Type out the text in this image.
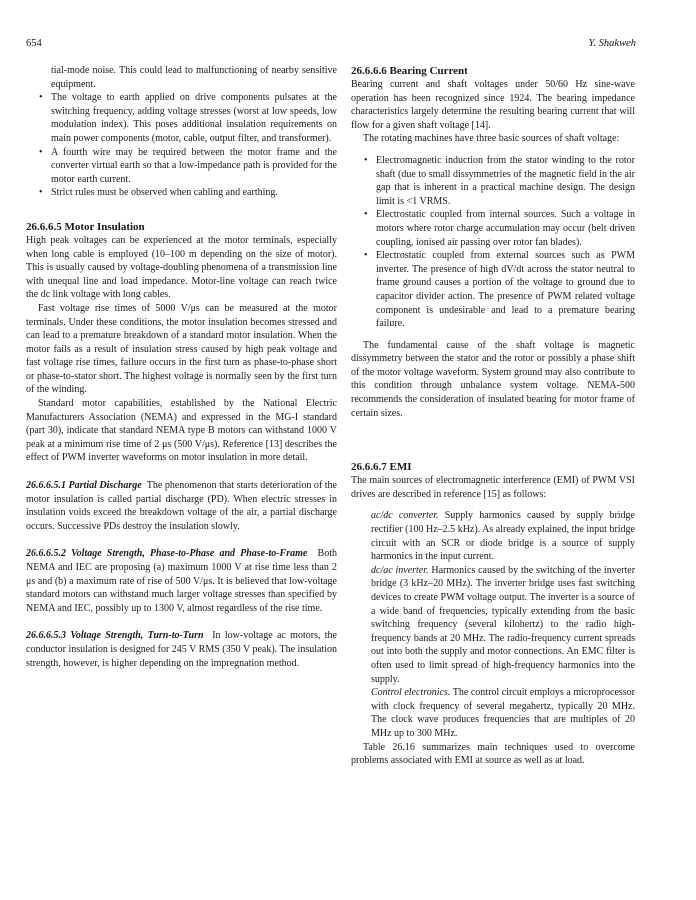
654	Y. Shakweh

tial-mode noise. This could lead to malfunctioning of nearby sensitive equipment.

• The voltage to earth applied on drive components pulsates at the switching frequency, adding voltage stresses (worst at low speeds, low modulation index). This poses additional insulation requirements on main power components (motor, cable, output filter, and transformer).
• A fourth wire may be required between the motor frame and the converter virtual earth so that a low-impedance path is provided for the motor earth current.
• Strict rules must be observed when cabling and earthing.
26.6.6.5 Motor Insulation

High peak voltages can be experienced at the motor terminals, especially when long cable is employed (10–100 m depending on the size of motor). This is usually caused by voltage-doubling phenomena of a transmission line with unequal line and load impedance. Motor-line voltage can reach twice the dc link voltage with long cables.

Fast voltage rise times of 5000 V/μs can be measured at the motor terminals. Under these conditions, the motor insulation becomes stressed and can lead to a premature breakdown of a standard motor insulation. When the motor fails as a result of insulation stress caused by high peak voltage and fast voltage rise times, failure occurs in the first turn as phase-to-phase short or phase-to-stator short. The highest voltage is normally seen by the first turn of the winding.

Standard motor capabilities, established by the National Electric Manufacturers Association (NEMA) and expressed in the MG-I standard (part 30), indicate that standard NEMA type B motors can withstand 1000 V peak at a minimum rise time of 2 μs (500 V/μs). Reference [13] describes the effect of PWM inverter waveforms on motor insulation in more detail.

26.6.6.5.1 Partial Discharge The phenomenon that starts deterioration of the motor insulation is called partial discharge (PD). When electric stresses in insulation voids exceed the breakdown voltage of the air, a partial discharge occurs. Successive PDs destroy the insulation slowly.

26.6.6.5.2 Voltage Strength, Phase-to-Phase and Phase-to-Frame Both NEMA and IEC are proposing (a) maximum 1000 V at rise time less than 2 μs and (b) a maximum rate of rise of 500 V/μs. It is believed that low-voltage standard motors can withstand much larger voltage stresses than specified by NEMA and IEC, possibly up to 1300 V, almost regardless of the rise time.

26.6.6.5.3 Voltage Strength, Turn-to-Turn In low-voltage ac motors, the conductor insulation is designed for 245 V RMS (350 V peak). The insulation strength, however, is higher depending on the impregnation method.

26.6.6.6 Bearing Current

Bearing current and shaft voltages under 50/60 Hz sine-wave operation has been recognized since 1924. The bearing impedance characteristics largely determine the resulting bearing current that will flow for a given shaft voltage [14].

The rotating machines have three basic sources of shaft voltage:

• Electromagnetic induction from the stator winding to the rotor shaft (due to small dissymmetries of the magnetic field in the air gap that is inherent in a practical machine design. The design limit is <1 VRMS.
• Electrostatic coupled from internal sources. Such a voltage in motors where rotor charge accumulation may occur (belt driven coupling, ionised air passing over rotor fan blades).
• Electrostatic coupled from external sources such as PWM inverter. The presence of high dV/dt across the stator neutral to frame ground causes a portion of the voltage to ground due to capacitor divider action. The presence of PWM related voltage component is undesirable and lead to a premature bearing failure.

The fundamental cause of the shaft voltage is magnetic dissymmetry between the stator and the rotor or possibly a phase shift of the motor voltage waveform. System ground may also contribute to this condition through unbalance system voltage. NEMA-500 recommends the consideration of insulated bearing for motor frame of certain sizes.

26.6.6.7 EMI

The main sources of electromagnetic interference (EMI) of PWM VSI drives are described in reference [15] as follows:

ac/dc converter. Supply harmonics caused by supply bridge rectifier (100 Hz–2.5 kHz). As already explained, the input bridge circuit with an SCR or diode bridge is a source of supply harmonics in the input current.

dc/ac inverter. Harmonics caused by the switching of the inverter bridge (3 kHz–20 MHz). The inverter bridge uses fast switching devices to create PWM voltage output. The inverter is a source of a wide band of frequencies, typically extending from the basic switching frequency (several kilohertz) to the radio high-frequency bands at 20 MHz. The radio-frequency current spreads out into both the supply and motor connections. An EMC filter is often used to limit spread of high-frequency harmonics into the supply.

Control electronics. The control circuit employs a microprocessor with clock frequency of several megahertz, typically 20 MHz. The clock wave produces frequencies that are multiples of 20 MHz up to 300 MHz.

Table 26.16 summarizes main techniques used to overcome problems associated with EMI at source as well as at load.
